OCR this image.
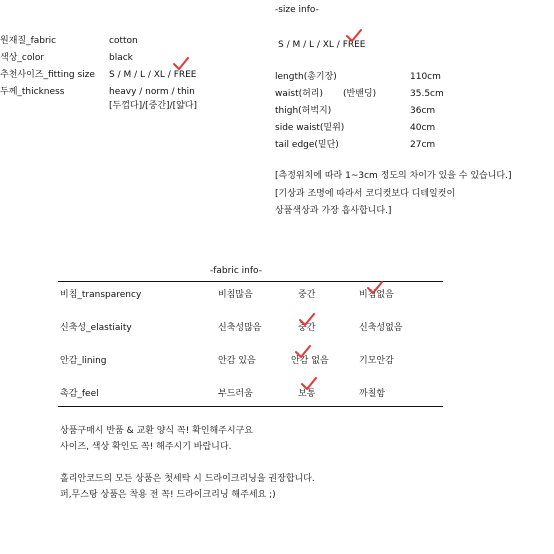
원재질_fabric	cotton
색상_color	black
추천사이즈_fitting size S / M / L / XL / FREE
두께_thickness	heavy / norm / thin
[두껍다]/[중간]/[얇다]
-size info-
S / M / L / XL / FREE
length(총기장)	110cm
waist(허리) (반밴딩)	35.5cm
thigh(허벅지)	36cm
side waist(밑위)	40cm
tail edge(밑단)	27cm
[측정위치에 따라 1~3cm 정도의 차이가 있을 수 있습니다.]
[기상과 조명에 따라서 코디컷보다 디테일컷이
상품색상과 가장 흡사합니다.]
-fabric info-
비침_transparency	비침많음	중간	비침없음
신축성_elastiaity	신축성많음	중간	신축성없음
안감_lining	안감 있음	안감 없음	기모안감
촉감_feel	부드러움	보통	까칠함
상품구매시 반품 & 교환 양식 꼭! 확인해주시구요
사이즈, 색상 확인도 꼭! 해주시기 바랍니다.
홀리안코드의 모든 상품은 첫세탁 시 드라이크리닝을 권장합니다.
퍼,무스탕 상품은 착용 전 꼭! 드라이크리닝 해주세요 ;)
